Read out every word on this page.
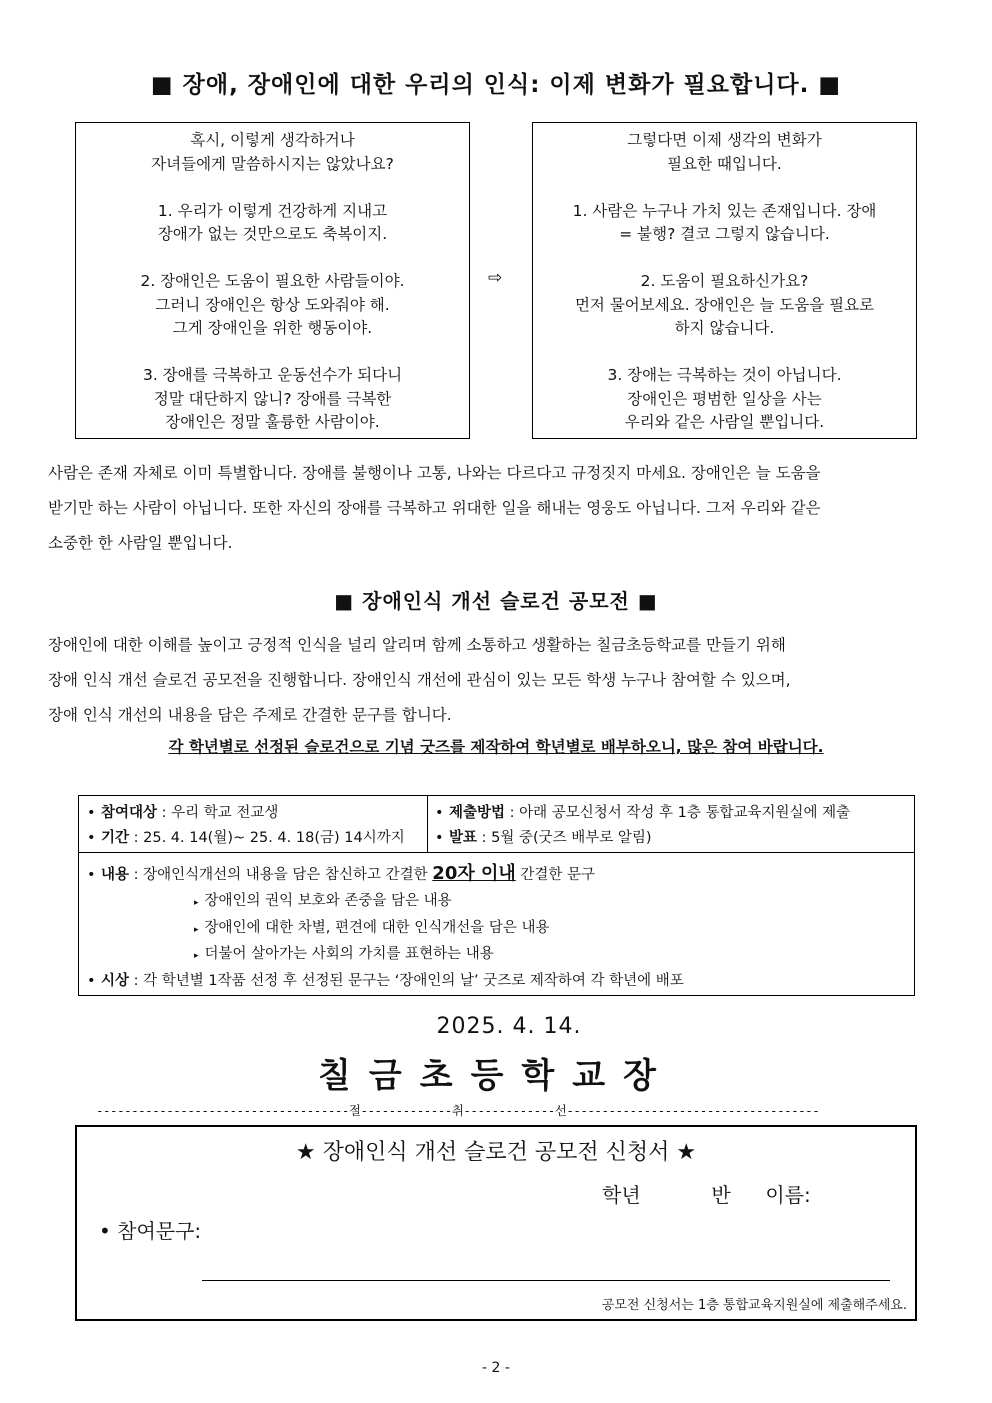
■ 장애, 장애인에 대한 우리의 인식: 이제 변화가 필요합니다. ■
혹시, 이렇게 생각하거나
자녀들에게 말씀하시지는 않았나요?
1. 우리가 이렇게 건강하게 지내고
장애가 없는 것만으로도 축복이지.
2. 장애인은 도움이 필요한 사람들이야.
그러니 장애인은 항상 도와줘야 해.
그게 장애인을 위한 행동이야.
3. 장애를 극복하고 운동선수가 되다니
정말 대단하지 않니? 장애를 극복한
장애인은 정말 훌륭한 사람이야.
⇨
그렇다면 이제 생각의 변화가
필요한 때입니다.
1. 사람은 누구나 가치 있는 존재입니다. 장애
= 불행? 결코 그렇지 않습니다.
2. 도움이 필요하신가요?
먼저 물어보세요. 장애인은 늘 도움을 필요로
하지 않습니다.
3. 장애는 극복하는 것이 아닙니다.
장애인은 평범한 일상을 사는
우리와 같은 사람일 뿐입니다.
사람은 존재 자체로 이미 특별합니다. 장애를 불행이나 고통, 나와는 다르다고 규정짓지 마세요. 장애인은 늘 도움을
받기만 하는 사람이 아닙니다. 또한 자신의 장애를 극복하고 위대한 일을 해내는 영웅도 아닙니다. 그저 우리와 같은
소중한 한 사람일 뿐입니다.
■ 장애인식 개선 슬로건 공모전 ■
장애인에 대한 이해를 높이고 긍정적 인식을 널리 알리며 함께 소통하고 생활하는 칠금초등학교를 만들기 위해
장애 인식 개선 슬로건 공모전을 진행합니다. 장애인식 개선에 관심이 있는 모든 학생 누구나 참여할 수 있으며,
장애 인식 개선의 내용을 담은 주제로 간결한 문구를 합니다.
각 학년별로 선정된 슬로건으로 기념 굿즈를 제작하여 학년별로 배부하오니, 많은 참여 바랍니다.
• 참여대상 : 우리 학교 전교생
• 기간 : 25. 4. 14(월)~ 25. 4. 18(금) 14시까지
• 제출방법 : 아래 공모신청서 작성 후 1층 통합교육지원실에 제출
• 발표 : 5월 중(굿즈 배부로 알림)
• 내용 : 장애인식개선의 내용을 담은 참신하고 간결한 20자 이내 간결한 문구
▸ 장애인의 권익 보호와 존중을 담은 내용
▸ 장애인에 대한 차별, 편견에 대한 인식개선을 담은 내용
▸ 더불어 살아가는 사회의 가치를 표현하는 내용
• 시상 : 각 학년별 1작품 선정 후 선정된 문구는 ‘장애인의 날’ 굿즈로 제작하여 각 학년에 배포
2025. 4. 14.
칠금초등학교장
------------------------------------절-------------취-------------선------------------------------------
★ 장애인식 개선 슬로건 공모전 신청서 ★
학년	반 이름:
• 참여문구:
공모전 신청서는 1층 통합교육지원실에 제출해주세요.
- 2 -
